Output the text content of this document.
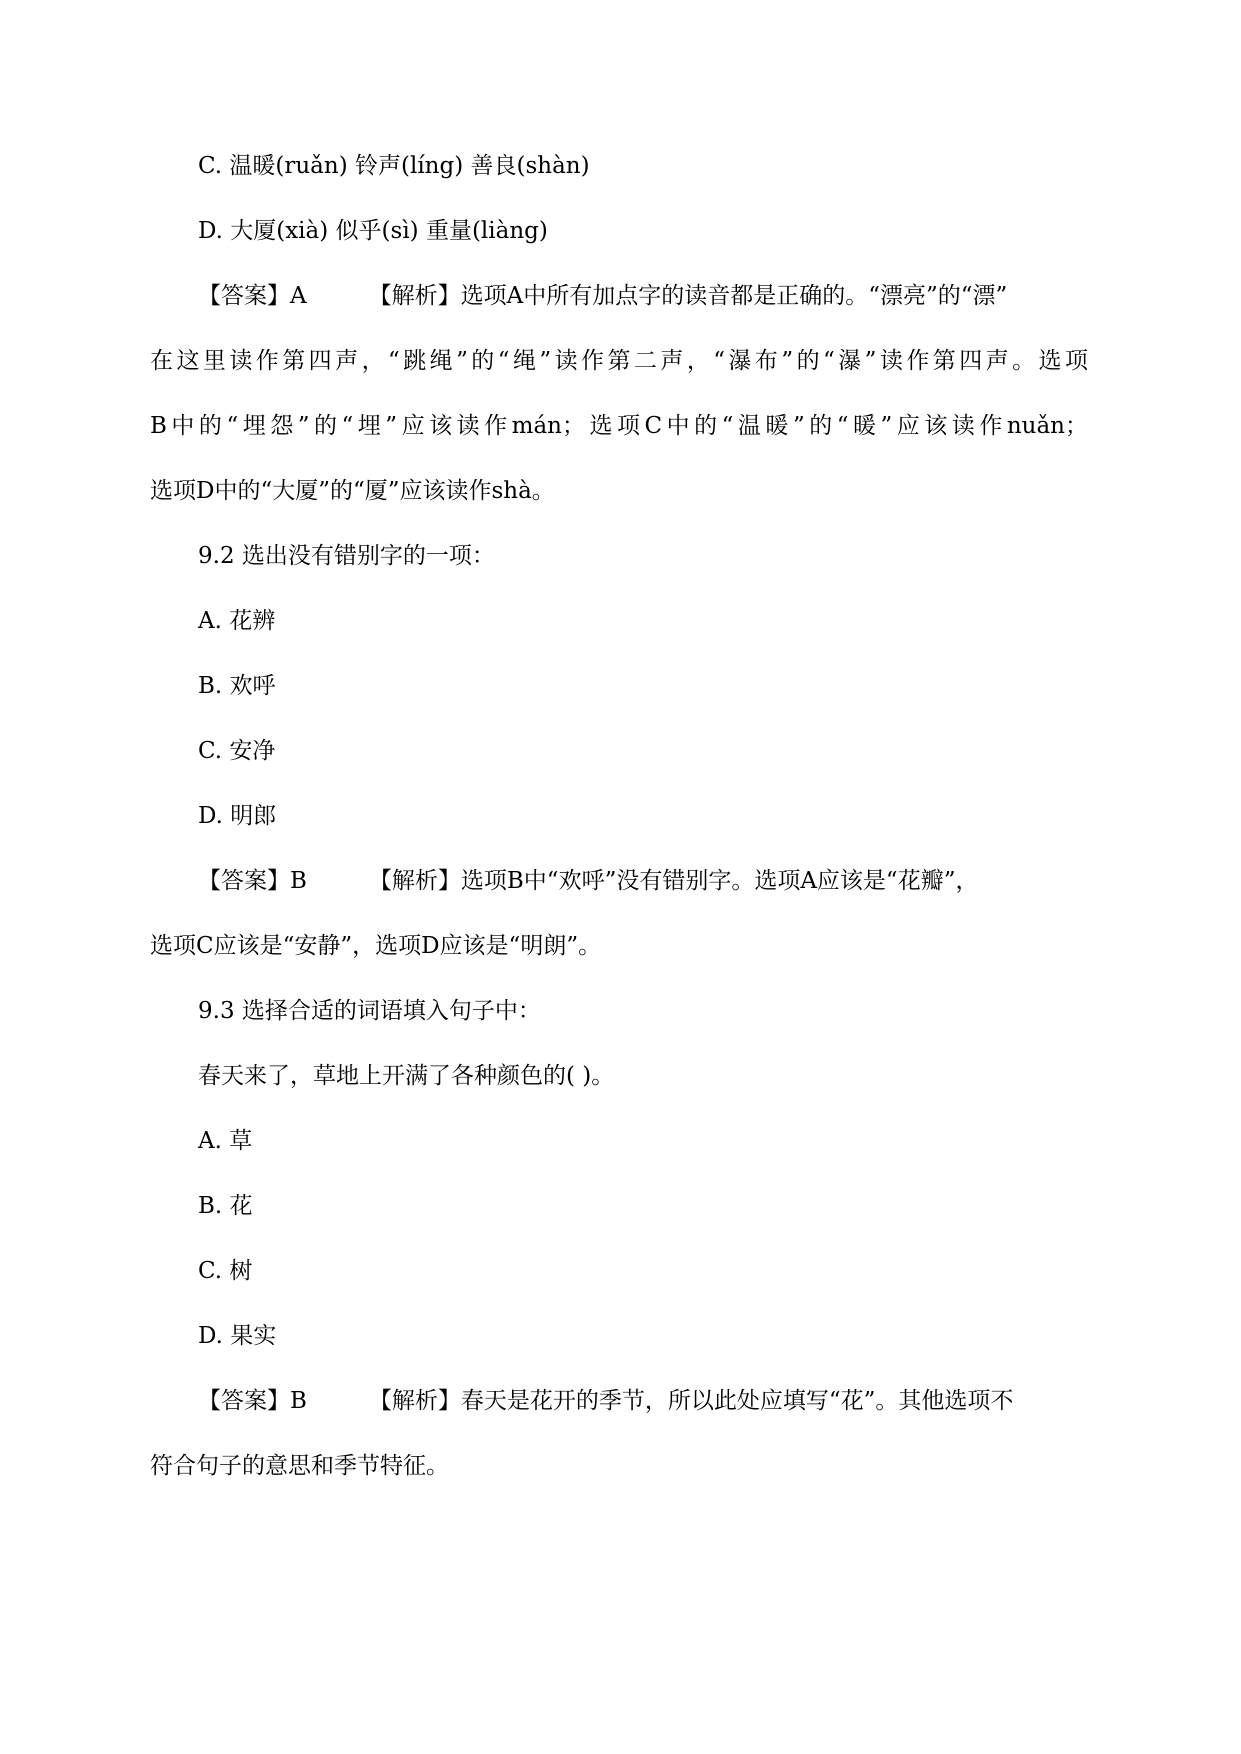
C. 温暖(ruǎn) 铃声(líng) 善良(shàn)
D. 大厦(xià) 似乎(sì) 重量(liàng)
【答案】A	【解析】选项A中所有加点字的读音都是正确的。“漂亮”的“漂”
在这里读作第四声，“跳绳”的“绳”读作第二声，“瀑布”的“瀑”读作第四声。选项
B中的“埋怨”的“埋”应该读作mán；选项C中的“温暖”的“暖”应该读作nuǎn；
选项D中的“大厦”的“厦”应该读作shà。
9.2 选出没有错别字的一项：
A. 花辨
B. 欢呼
C. 安净
D. 明郎
【答案】B	【解析】选项B中“欢呼”没有错别字。选项A应该是“花瓣”，
选项C应该是“安静”，选项D应该是“明朗”。
9.3 选择合适的词语填入句子中：
春天来了，草地上开满了各种颜色的( )。
A. 草
B. 花
C. 树
D. 果实
【答案】B	【解析】春天是花开的季节，所以此处应填写“花”。其他选项不
符合句子的意思和季节特征。
